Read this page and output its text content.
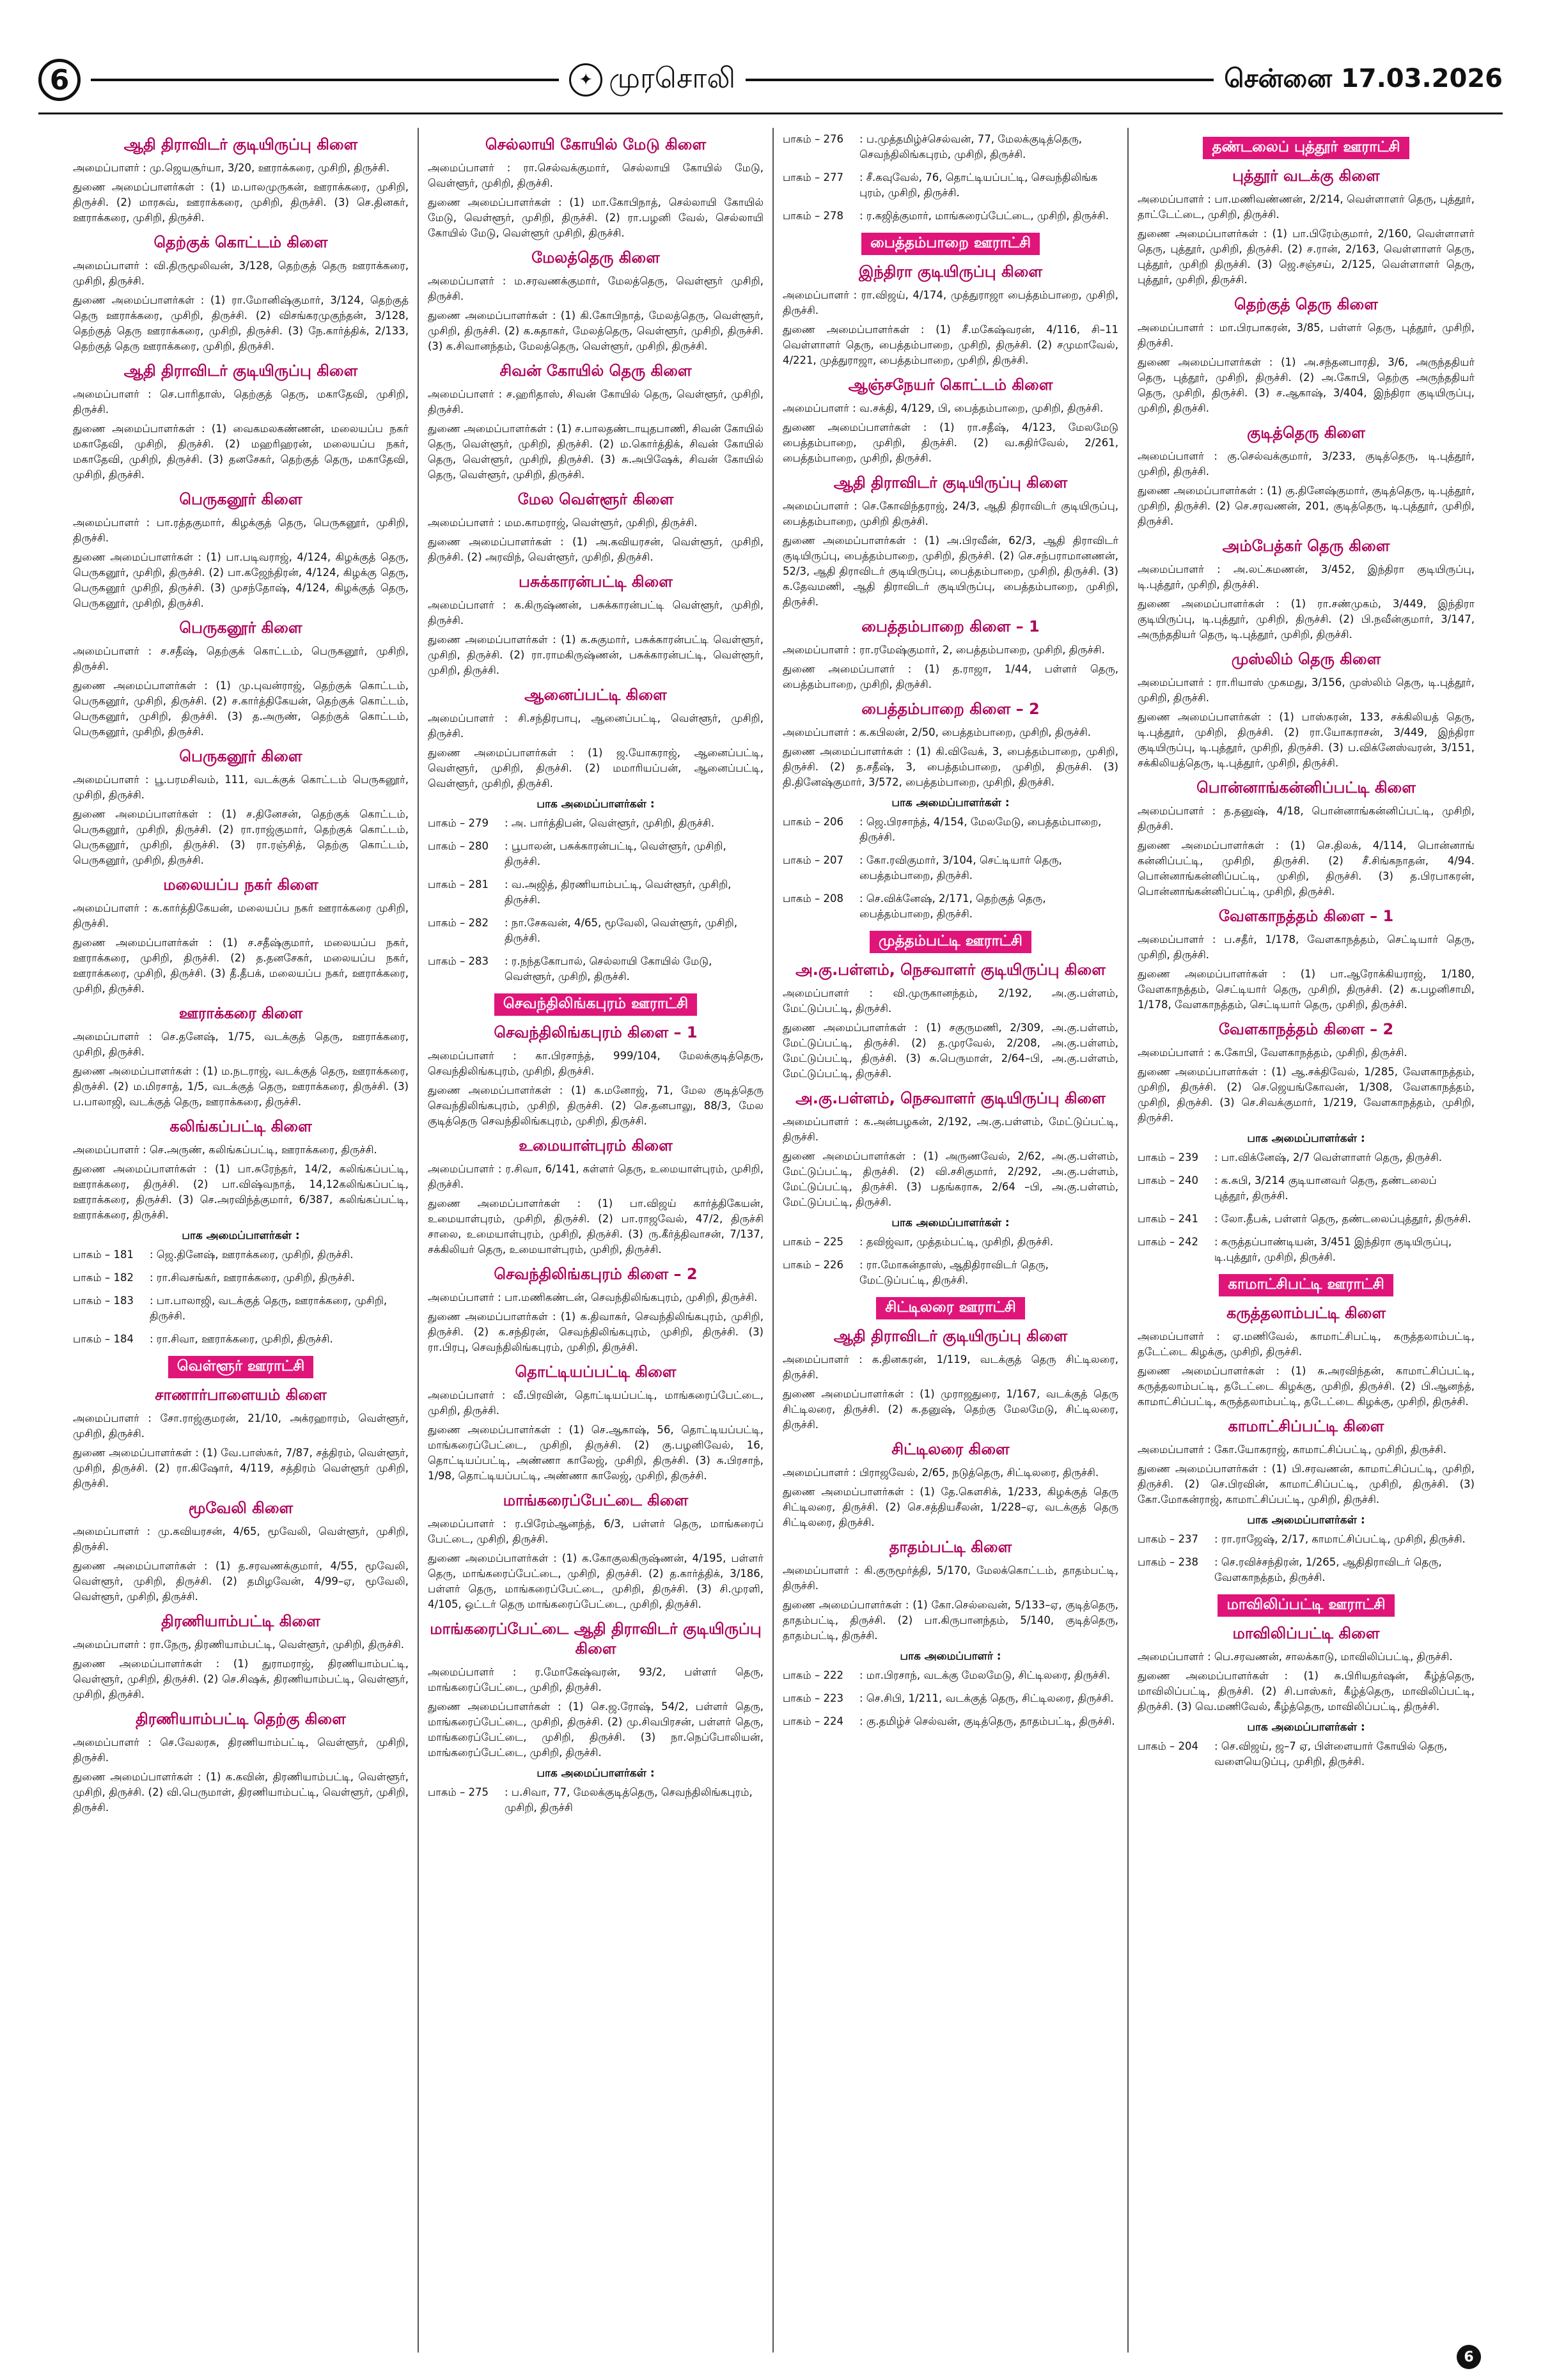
6	✦ முரசொலி	சென்னை 17.03.2026
ஆதி திராவிடர் குடியிருப்பு கிளை

அமைப்பாளர் : மு.ஜெயசூர்யா, 3/20, ஊராக்கரை, முசிறி, திருச்சி.

துணை அமைப்பாளர்கள் : (1) ம.பாலமுருகன், ஊராக்கரை, முசிறி, திருச்சி. (2) மாரசுவ், ஊராக்கரை, முசிறி, திருச்சி. (3) செ.தினகர், ஊராக்கரை, முசிறி, திருச்சி.

தெற்குக் கொட்டம் கிளை

அமைப்பாளர் : வி.திருமூலிவன், 3/128, தெற்குத் தெரு ஊராக்கரை, முசிறி, திருச்சி.

துணை அமைப்பாளர்கள் : (1) ரா.மோனிஷ்குமார், 3/124, தெற்குத் தெரு ஊராக்கரை, முசிறி, திருச்சி. (2) விசங்கரமுகுந்தன், 3/128, தெற்குத் தெரு ஊராக்கரை, முசிறி, திருச்சி. (3) நே.கார்த்திக், 2/133, தெற்குத் தெரு ஊராக்கரை, முசிறி, திருச்சி.

ஆதி திராவிடர் குடியிருப்பு கிளை

அமைப்பாளர் : செ.பாரிதாஸ், தெற்குத் தெரு, மகாதேவி, முசிறி, திருச்சி.

துணை அமைப்பாளர்கள் : (1) வைகமலகண்ணன், மலையப்ப நகர் மகாதேவி, முசிறி, திருச்சி. (2) மஹரிஹரன், மலையப்ப நகர், மகாதேவி, முசிறி, திருச்சி. (3) தனசேகர், தெற்குத் தெரு, மகாதேவி, முசிறி, திருச்சி.

பெருகனூர் கிளை

அமைப்பாளர் : பா.ரத்தகுமார், கிழக்குத் தெரு, பெருகனூர், முசிறி, திருச்சி.

துணை அமைப்பாளர்கள் : (1) பா.படிவராஜ், 4/124, கிழக்குத் தெரு, பெருகனூர், முசிறி, திருச்சி. (2) பா.கஜேந்திரன், 4/124, கிழக்கு தெரு, பெருகனூர் முசிறி, திருச்சி. (3) முசந்தோஷ், 4/124, கிழக்குத் தெரு, பெருகனூர், முசிறி, திருச்சி.

பெருகனூர் கிளை

அமைப்பாளர் : ச.சதீஷ், தெற்குக் கொட்டம், பெருகனூர், முசிறி, திருச்சி.

துணை அமைப்பாளர்கள் : (1) மு.புவன்ராஜ், தெற்குக் கொட்டம், பெருகனூர், முசிறி, திருச்சி. (2) ச.கார்த்திகேயன், தெற்குக் கொட்டம், பெருகனூர், முசிறி, திருச்சி. (3) த.அருண், தெற்குக் கொட்டம், பெருகனூர், முசிறி, திருச்சி.

பெருகனூர் கிளை

அமைப்பாளர் : பூ.பரமசிவம், 111, வடக்குக் கொட்டம் பெருகனூர், முசிறி, திருச்சி.

துணை அமைப்பாளர்கள் : (1) ச.தினேசன், தெற்குக் கொட்டம், பெருகனூர், முசிறி, திருச்சி. (2) ரா.ராஜ்குமார், தெற்குக் கொட்டம், பெருகனூர், முசிறி, திருச்சி. (3) ரா.ரஞ்சித், தெற்கு கொட்டம், பெருகனூர், முசிறி, திருச்சி.

மலையப்ப நகர் கிளை

அமைப்பாளர் : க.கார்த்திகேயன், மலையப்ப நகர் ஊராக்கரை முசிறி, திருச்சி.

துணை அமைப்பாளர்கள் : (1) ச.சதீஷ்குமார், மலையப்ப நகர், ஊராக்கரை, முசிறி, திருச்சி. (2) த.தனசேகர், மலையப்ப நகர், ஊராக்கரை, முசிறி, திருச்சி. (3) தீ.தீபக், மலையப்ப நகர், ஊராக்கரை, முசிறி, திருச்சி.

ஊராக்கரை கிளை

அமைப்பாளர் : செ.தனேஷ், 1/75, வடக்குத் தெரு, ஊராக்கரை, முசிறி, திருச்சி.

துணை அமைப்பாளர்கள் : (1) ம.நடராஜ், வடக்குத் தெரு, ஊராக்கரை, திருச்சி. (2) ம.மிரசாத், 1/5, வடக்குத் தெரு, ஊராக்கரை, திருச்சி. (3) ப.பாலாஜி, வடக்குத் தெரு, ஊராக்கரை, திருச்சி.

கலிங்கப்பட்டி கிளை

அமைப்பாளர் : செ.அருண், கலிங்கப்பட்டி, ஊராக்கரை, திருச்சி.

துணை அமைப்பாளர்கள் : (1) பா.சுரேந்தர், 14/2, கலிங்கப்பட்டி, ஊராக்கரை, திருச்சி. (2) பா.விஷ்வநாத், 14,12கலிங்கப்பட்டி, ஊராக்கரை, திருச்சி. (3) செ.அரவிந்த்குமார், 6/387, கலிங்கப்பட்டி, ஊராக்கரை, திருச்சி.

பாக அமைப்பாளர்கள் :
பாகம் – 181	: ஜெ.தினேஷ், ஊராக்கரை, முசிறி, திருச்சி.
பாகம் – 182	: ரா.சிவசங்கர், ஊராக்கரை, முசிறி, திருச்சி.
பாகம் – 183	: பா.பாலாஜி, வடக்குத் தெரு, ஊராக்கரை, முசிறி, திருச்சி.
பாகம் – 184	: ரா.சிவா, ஊராக்கரை, முசிறி, திருச்சி.
வெள்ளூர் ஊராட்சி
சாணார்பாளையம் கிளை

அமைப்பாளர் : சோ.ராஜ்குமரன், 21/10, அக்ரஹாரம், வெள்ளூர், முசிறி, திருச்சி.

துணை அமைப்பாளர்கள் : (1) வே.பாஸ்கர், 7/87, சத்திரம், வெள்ளூர், முசிறி, திருச்சி. (2) ரா.கிஷோர், 4/119, சத்திரம் வெள்ளூர் முசிறி, திருச்சி.

மூவேலி கிளை

அமைப்பாளர் : மு.கவியரசன், 4/65, மூவேலி, வெள்ளூர், முசிறி, திருச்சி.

துணை அமைப்பாளர்கள் : (1) த.சரவணக்குமார், 4/55, மூவேலி, வெள்ளூர், முசிறி, திருச்சி. (2) தமிழவேன், 4/99–ஏ, மூவேலி, வெள்ளூர், முசிறி, திருச்சி.

திரணியாம்பட்டி கிளை

அமைப்பாளர் : ரா.நேரு, திரணியாம்பட்டி, வெள்ளூர், முசிறி, திருச்சி.

துணை அமைப்பாளர்கள் : (1) துராமராஜ், திரணியாம்பட்டி, வெள்ளூர், முசிறி, திருச்சி. (2) செ.சிஷக், திரணியாம்பட்டி, வெள்ளூர், முசிறி, திருச்சி.

திரணியாம்பட்டி தெற்கு கிளை

அமைப்பாளர் : செ.வேலரசு, திரணியாம்பட்டி, வெள்ளூர், முசிறி, திருச்சி.

துணை அமைப்பாளர்கள் : (1) க.கவின், திரணியாம்பட்டி, வெள்ளூர், முசிறி, திருச்சி. (2) வி.பெருமாள், திரணியாம்பட்டி, வெள்ளூர், முசிறி, திருச்சி.

செல்லாயி கோயில் மேடு கிளை

அமைப்பாளர் : ரா.செல்வக்குமார், செல்லாயி கோயில் மேடு, வெள்ளூர், முசிறி, திருச்சி.

துணை அமைப்பாளர்கள் : (1) மா.கோபிநாத், செல்லாயி கோயில் மேடு, வெள்ளூர், முசிறி, திருச்சி. (2) ரா.பழனி வேல், செல்லாயி கோயில் மேடு, வெள்ளூர் முசிறி, திருச்சி.

மேலத்தெரு கிளை

அமைப்பாளர் : ம.சரவணக்குமார், மேலத்தெரு, வெள்ளூர் முசிறி, திருச்சி.

துணை அமைப்பாளர்கள் : (1) கி.கோபிநாத், மேலத்தெரு, வெள்ளூர், முசிறி, திருச்சி. (2) க.சுதாகர், மேலத்தெரு, வெள்ளூர், முசிறி, திருச்சி. (3) க.சிவானந்தம், மேலத்தெரு, வெள்ளூர், முசிறி, திருச்சி.

சிவன் கோயில் தெரு கிளை

அமைப்பாளர் : ச.ஹரிதாஸ், சிவன் கோயில் தெரு, வெள்ளூர், முசிறி, திருச்சி.

துணை அமைப்பாளர்கள் : (1) ச.பாலதண்டாயுதபாணி, சிவன் கோயில் தெரு, வெள்ளூர், முசிறி, திருச்சி. (2) ம.கொர்த்திக், சிவன் கோயில் தெரு, வெள்ளூர், முசிறி, திருச்சி. (3) சு.அபிஷேக், சிவன் கோயில் தெரு, வெள்ளூர், முசிறி, திருச்சி.

மேல வெள்ளூர் கிளை

அமைப்பாளர் : மம.காமராஜ், வெள்ளூர், முசிறி, திருச்சி.

துணை அமைப்பாளர்கள் : (1) அ.கவியரசன், வெள்ளூர், முசிறி, திருச்சி. (2) அரவிந், வெள்ளூர், முசிறி, திருச்சி.

பசுக்காரன்பட்டி கிளை

அமைப்பாளர் : க.கிருஷ்ணன், பசுக்காரன்பட்டி வெள்ளூர், முசிறி, திருச்சி.

துணை அமைப்பாளர்கள் : (1) க.சுகுமார், பசுக்காரன்பட்டி வெள்ளூர், முசிறி, திருச்சி. (2) ரா.ராமகிருஷ்ணன், பசுக்காரன்பட்டி, வெள்ளூர், முசிறி, திருச்சி.

ஆனைப்பட்டி கிளை

அமைப்பாளர் : சி.சந்திரபாபு, ஆனைப்பட்டி, வெள்ளூர், முசிறி, திருச்சி.

துணை அமைப்பாளர்கள் : (1) ஜ.யோகராஜ், ஆனைப்பட்டி, வெள்ளூர், முசிறி, திருச்சி. (2) மமாரியப்பன், ஆனைப்பட்டி, வெள்ளூர், முசிறி, திருச்சி.

பாக அமைப்பாளர்கள் :
பாகம் – 279	: அ. பார்த்திபன், வெள்ளூர், முசிறி, திருச்சி.
பாகம் – 280	: பூபாலன், பசுக்காரன்பட்டி, வெள்ளூர், முசிறி, திருச்சி.
பாகம் – 281	: வ.அஜித், திரணியாம்பட்டி, வெள்ளூர், முசிறி, திருச்சி.
பாகம் – 282	: நா.சேகவன், 4/65, மூவேலி, வெள்ளூர், முசிறி, திருச்சி.
பாகம் – 283	: ர.நந்தகோபால், செல்லாயி கோயில் மேடு, வெள்ளூர், முசிறி, திருச்சி.
செவந்திலிங்கபுரம் ஊராட்சி
செவந்திலிங்கபுரம் கிளை – 1

அமைப்பாளர் : கா.பிரசாந்த், 999/104, மேலக்குடித்தெரு, செவந்திலிங்கபுரம், முசிறி, திருச்சி.

துணை அமைப்பாளர்கள் : (1) க.மனோஜ், 71, மேல குடித்தெரு செவந்திலிங்கபுரம், முசிறி, திருச்சி. (2) செ.தனபாலு, 88/3, மேல குடித்தெரு செவந்திலிங்கபுரம், முசிறி, திருச்சி.

உமையாள்புரம் கிளை

அமைப்பாளர் : ர.சிவா, 6/141, கள்ளர் தெரு, உமையாள்புரம், முசிறி, திருச்சி.

துணை அமைப்பாளர்கள் : (1) பா.விஜய் கார்த்திகேயன், உமையாள்புரம், முசிறி, திருச்சி. (2) பா.ராஜவேல், 47/2, திருச்சி சாலை, உமையாள்புரம், முசிறி, திருச்சி. (3) ரு.கீர்த்திவாசன், 7/137, சக்கிலியர் தெரு, உமையாள்புரம், முசிறி, திருச்சி.

செவந்திலிங்கபுரம் கிளை – 2

அமைப்பாளர் : பா.மணிகண்டன், செவந்திலிங்கபுரம், முசிறி, திருச்சி.

துணை அமைப்பாளர்கள் : (1) க.திவாகர், செவந்திலிங்கபுரம், முசிறி, திருச்சி. (2) க.சந்திரன், செவந்திலிங்கபுரம், முசிறி, திருச்சி. (3) ரா.பிரபு, செவந்திலிங்கபுரம், முசிறி, திருச்சி.

தொட்டியப்பட்டி கிளை

அமைப்பாளர் : வீ.பிரவின், தொட்டியப்பட்டி, மாங்கரைப்பேட்டை, முசிறி, திருச்சி.

துணை அமைப்பாளர்கள் : (1) செ.ஆகாஷ், 56, தொட்டியப்பட்டி, மாங்கரைப்பேட்டை, முசிறி, திருச்சி. (2) கு.பழனிவேல், 16, தொட்டியப்பட்டி, அண்ணா காலேஜ், முசிறி, திருச்சி. (3) சு.பிரசாந், 1/98, தொட்டியப்பட்டி, அண்ணா காலேஜ், முசிறி, திருச்சி.

மாங்கரைப்பேட்டை கிளை

அமைப்பாளர் : ர.பிரேம்ஆனந்த், 6/3, பள்ளர் தெரு, மாங்கரைப் பேட்டை, முசிறி, திருச்சி.

துணை அமைப்பாளர்கள் : (1) க.கோகுலகிருஷ்ணன், 4/195, பள்ளர் தெரு, மாங்கரைப்பேட்டை, முசிறி, திருச்சி. (2) த.கார்த்திக், 3/186, பள்ளர் தெரு, மாங்கரைப்பேட்டை, முசிறி, திருச்சி. (3) சி.முரளி, 4/105, ஒட்டர் தெரு மாங்கரைப்பேட்டை, முசிறி, திருச்சி.

மாங்கரைப்பேட்டை ஆதி திராவிடர் குடியிருப்பு கிளை

அமைப்பாளர் : ர.மோகேஷ்வரன், 93/2, பள்ளர் தெரு, மாங்கரைப்பேட்டை, முசிறி, திருச்சி.

துணை அமைப்பாளர்கள் : (1) செ.ஜ.ரோஷ், 54/2, பள்ளர் தெரு, மாங்கரைப்பேட்டை, முசிறி, திருச்சி. (2) மு.சிவபிரசன், பள்ளர் தெரு, மாங்கரைப்பேட்டை, முசிறி, திருச்சி. (3) நா.நெப்போலியன், மாங்கரைப்பேட்டை, முசிறி, திருச்சி.

பாக அமைப்பாளர்கள் :
பாகம் – 275	: ப.சிவா, 77, மேலக்குடித்தெரு, செவந்திலிங்கபுரம், முசிறி, திருச்சி
பாகம் – 276	: ப.முத்தமிழ்ச்செல்வன், 77, மேலக்குடித்தெரு, செவந்திலிங்கபுரம், முசிறி, திருச்சி.
பாகம் – 277	: சீ.கவுவேல், 76, தொட்டியப்பட்டி, செவந்திலிங்க புரம், முசிறி, திருச்சி.
பாகம் – 278	: ர.கஜித்குமார், மாங்கரைப்பேட்டை, முசிறி, திருச்சி.
பைத்தம்பாறை ஊராட்சி
இந்திரா குடியிருப்பு கிளை

அமைப்பாளர் : ரா.விஜய், 4/174, முத்துராஜா பைத்தம்பாறை, முசிறி, திருச்சி.

துணை அமைப்பாளர்கள் : (1) சீ.மகேஷ்வரன், 4/116, சி–11 வெள்ளாளர் தெரு, பைத்தம்பாறை, முசிறி, திருச்சி. (2) சமுமாவேல், 4/221, முத்துராஜா, பைத்தம்பாறை, முசிறி, திருச்சி.

ஆஞ்சநேயர் கொட்டம் கிளை

அமைப்பாளர் : வ.சக்தி, 4/129, பி, பைத்தம்பாறை, முசிறி, திருச்சி.

துணை அமைப்பாளர்கள் : (1) ரா.சதீஷ், 4/123, மேலமேடு பைத்தம்பாறை, முசிறி, திருச்சி. (2) வ.கதிர்வேல், 2/261, பைத்தம்பாறை, முசிறி, திருச்சி.

ஆதி திராவிடர் குடியிருப்பு கிளை

அமைப்பாளர் : செ.கோவிந்தராஜ், 24/3, ஆதி திராவிடர் குடியிருப்பு, பைத்தம்பாறை, முசிறி திருச்சி.

துணை அமைப்பாளர்கள் : (1) அ.பிரவீன், 62/3, ஆதி திராவிடர் குடியிருப்பு, பைத்தம்பாறை, முசிறி, திருச்சி. (2) செ.சந்பராமானணன், 52/3, ஆதி திராவிடர் குடியிருப்பு, பைத்தம்பாறை, முசிறி, திருச்சி. (3) க.தேவமணி, ஆதி திராவிடர் குடியிருப்பு, பைத்தம்பாறை, முசிறி, திருச்சி.

பைத்தம்பாறை கிளை – 1

அமைப்பாளர் : ரா.ரமேஷ்குமார், 2, பைத்தம்பாறை, முசிறி, திருச்சி.

துணை அமைப்பாளர் : (1) த.ராஜா, 1/44, பள்ளர் தெரு, பைத்தம்பாறை, முசிறி, திருச்சி.

பைத்தம்பாறை கிளை – 2

அமைப்பாளர் : க.கபிலன், 2/50, பைத்தம்பாறை, முசிறி, திருச்சி.

துணை அமைப்பாளர்கள் : (1) கி.விவேக், 3, பைத்தம்பாறை, முசிறி, திருச்சி. (2) த.சதீஷ், 3, பைத்தம்பாறை, முசிறி, திருச்சி. (3) தி.தினேஷ்குமார், 3/572, பைத்தம்பாறை, முசிறி, திருச்சி.

பாக அமைப்பாளர்கள் :
பாகம் – 206	: ஜெ.பிரசாந்த், 4/154, மேலமேடு, பைத்தம்பாறை, திருச்சி.
பாகம் – 207	: கோ.ரவிகுமார், 3/104, செட்டியார் தெரு, பைத்தம்பாறை, திருச்சி.
பாகம் – 208	: செ.விக்னேஷ், 2/171, தெற்குத் தெரு, பைத்தம்பாறை, திருச்சி.
முத்தம்பட்டி ஊராட்சி
அ.கு.பள்ளம், நெசவாளர் குடியிருப்பு கிளை

அமைப்பாளர் : வி.முருகானந்தம், 2/192, அ.கு.பள்ளம், மேட்டுப்பட்டி, திருச்சி.

துணை அமைப்பாளர்கள் : (1) சகுருமணி, 2/309, அ.கு.பள்ளம், மேட்டுப்பட்டி, திருச்சி. (2) த.முரவேல், 2/208, அ.கு.பள்ளம், மேட்டுப்பட்டி, திருச்சி. (3) சு.பெருமாள், 2/64–பி, அ.கு.பள்ளம், மேட்டுப்பட்டி, திருச்சி.

அ.கு.பள்ளம், நெசவாளர் குடியிருப்பு கிளை

அமைப்பாளர் : க.அன்பழகன், 2/192, அ.கு.பள்ளம், மேட்டுப்பட்டி, திருச்சி.

துணை அமைப்பாளர்கள் : (1) அருணவேல், 2/62, அ.கு.பள்ளம், மேட்டுப்பட்டி, திருச்சி. (2) வி.சசிகுமார், 2/292, அ.கு.பள்ளம், மேட்டுப்பட்டி, திருச்சி. (3) பதங்கராசு, 2/64 –பி, அ.கு.பள்ளம், மேட்டுப்பட்டி, திருச்சி.

பாக அமைப்பாளர்கள் :
பாகம் – 225	: தவிஜ்வா, முத்தம்பட்டி, முசிறி, திருச்சி.
பாகம் – 226	: ரா.மோகன்தாஸ், ஆதிதிராவிடர் தெரு, மேட்டுப்பட்டி, திருச்சி.
சிட்டிலரை ஊராட்சி
ஆதி திராவிடர் குடியிருப்பு கிளை

அமைப்பாளர் : க.தினகரன், 1/119, வடக்குத் தெரு சிட்டிலரை, திருச்சி.

துணை அமைப்பாளர்கள் : (1) முராஜதுரை, 1/167, வடக்குத் தெரு சிட்டிலரை, திருச்சி. (2) க.தனுஷ், தெற்கு மேலமேடு, சிட்டிலரை, திருச்சி.

சிட்டிலரை கிளை

அமைப்பாளர் : பிராஜவேல், 2/65, நடுத்தெரு, சிட்டிலரை, திருச்சி.

துணை அமைப்பாளர்கள் : (1) தே.கௌசிக், 1/233, கிழக்குத் தெரு சிட்டிலரை, திருச்சி. (2) செ.சத்தியசீலன், 1/228–ஏ, வடக்குத் தெரு சிட்டிலரை, திருச்சி.

தாதம்பட்டி கிளை

அமைப்பாளர் : கி.குருமூர்த்தி, 5/170, மேலக்கொட்டம், தாதம்பட்டி, திருச்சி.

துணை அமைப்பாளர்கள் : (1) கோ.செல்வைன், 5/133–ஏ, குடித்தெரு, தாதம்பட்டி, திருச்சி. (2) பா.கிருபானந்தம், 5/140, குடித்தெரு, தாதம்பட்டி, திருச்சி.

பாக அமைப்பாளர் :
பாகம் – 222	: மா.பிரசாந், வடக்கு மேலமேடு, சிட்டிலரை, திருச்சி.
பாகம் – 223	: செ.சிபி, 1/211, வடக்குத் தெரு, சிட்டிலரை, திருச்சி.
பாகம் – 224	: கு.தமிழ்ச் செல்வன், குடித்தெரு, தாதம்பட்டி, திருச்சி.
தண்டலைப் புத்தூர் ஊராட்சி
புத்தூர் வடக்கு கிளை

அமைப்பாளர் : பா.மணிவண்ணன், 2/214, வெள்ளாளர் தெரு, புத்தூர், தாட்டேட்டை, முசிறி, திருச்சி.

துணை அமைப்பாளர்கள் : (1) பா.பிரேம்குமார், 2/160, வெள்ளாளர் தெரு, புத்தூர், முசிறி, திருச்சி. (2) ச.ரான், 2/163, வெள்ளாளர் தெரு, புத்தூர், முசிறி திருச்சி. (3) ஜெ.சஞ்சய், 2/125, வெள்ளாளர் தெரு, புத்தூர், முசிறி, திருச்சி.

தெற்குத் தெரு கிளை

அமைப்பாளர் : மா.பிரபாகரன், 3/85, பள்ளர் தெரு, புத்தூர், முசிறி, திருச்சி.

துணை அமைப்பாளர்கள் : (1) அ.சந்தனபாரதி, 3/6, அருந்ததியர் தெரு, புத்தூர், முசிறி, திருச்சி. (2) அ.கோபி, தெற்கு அருந்ததியர் தெரு, முசிறி, திருச்சி. (3) ச.ஆகாஷ், 3/404, இந்திரா குடியிருப்பு, முசிறி, திருச்சி.

குடித்தெரு கிளை

அமைப்பாளர் : கு.செல்வக்குமார், 3/233, குடித்தெரு, டி.புத்தூர், முசிறி, திருச்சி.

துணை அமைப்பாளர்கள் : (1) கு.தினேஷ்குமார், குடித்தெரு, டி.புத்தூர், முசிறி, திருச்சி. (2) செ.சரவணன், 201, குடித்தெரு, டி.புத்தூர், முசிறி, திருச்சி.

அம்பேத்கர் தெரு கிளை

அமைப்பாளர் : அ.லட்சுமணன், 3/452, இந்திரா குடியிருப்பு, டி.புத்தூர், முசிறி, திருச்சி.

துணை அமைப்பாளர்கள் : (1) ரா.சண்முகம், 3/449, இந்திரா குடியிருப்பு, டி.புத்தூர், முசிறி, திருச்சி. (2) பி.நவீன்குமார், 3/147, அருந்ததியர் தெரு, டி.புத்தூர், முசிறி, திருச்சி.

முஸ்லிம் தெரு கிளை

அமைப்பாளர் : ரா.ரியாஸ் முகமது, 3/156, முஸ்லிம் தெரு, டி.புத்தூர், முசிறி, திருச்சி.

துணை அமைப்பாளர்கள் : (1) பாஸ்கரன், 133, சக்கிலியத் தெரு, டி.புத்தூர், முசிறி, திருச்சி. (2) ரா.யோகராசன், 3/449, இந்திரா குடியிருப்பு, டி.புத்தூர், முசிறி, திருச்சி. (3) ப.விக்னேஸ்வரன், 3/151, சக்கிலியத்தெரு, டி.புத்தூர், முசிறி, திருச்சி.

பொன்னாங்கன்னிப்பட்டி கிளை

அமைப்பாளர் : த.தனுஷ், 4/18, பொன்னாங்கன்னிப்பட்டி, முசிறி, திருச்சி.

துணை அமைப்பாளர்கள் : (1) செ.திலக், 4/114, பொன்னாங் கன்னிப்பட்டி, முசிறி, திருச்சி. (2) சீ.சிங்கநாதன், 4/94. பொன்னாங்கன்னிப்பட்டி, முசிறி, திருச்சி. (3) த.பிரபாகரன், பொன்னாங்கன்னிப்பட்டி, முசிறி, திருச்சி.

வேளகாநத்தம் கிளை – 1

அமைப்பாளர் : ப.சதீர், 1/178, வேளகாநத்தம், செட்டியார் தெரு, முசிறி, திருச்சி.

துணை அமைப்பாளர்கள் : (1) பா.ஆரோக்கியராஜ், 1/180, வேளகாநத்தம், செட்டியார் தெரு, முசிறி, திருச்சி. (2) க.பழனிசாமி, 1/178, வேளகாநத்தம், செட்டியார் தெரு, முசிறி, திருச்சி.

வேளகாநத்தம் கிளை – 2

அமைப்பாளர் : க.கோபி, வேளகாநத்தம், முசிறி, திருச்சி.

துணை அமைப்பாளர்கள் : (1) ஆ.சக்திவேல், 1/285, வேளகாநத்தம், முசிறி, திருச்சி. (2) செ.ஜெயங்கோவன், 1/308, வேளகாநத்தம், முசிறி, திருச்சி. (3) செ.சிவக்குமார், 1/219, வேளகாநத்தம், முசிறி, திருச்சி.

பாக அமைப்பாளர்கள் :
பாகம் – 239	: பா.விக்னேஷ், 2/7 வெள்ளாளர் தெரு, திருச்சி.
பாகம் – 240	: க.சுபி, 3/214 குடியானவர் தெரு, தண்டலைப் புத்தூர், திருச்சி.
பாகம் – 241	: லோ.தீபக், பள்ளர் தெரு, தண்டலைப்புத்தூர், திருச்சி.
பாகம் – 242	: கருத்தப்பாண்டியன், 3/451 இந்திரா குடியிருப்பு, டி.புத்தூர், முசிறி, திருச்சி.
காமாட்சிபட்டி ஊராட்சி
கருத்தலாம்பட்டி கிளை

அமைப்பாளர் : ஏ.மணிவேல், காமாட்சிபட்டி, கருத்தலாம்பட்டி, தடேட்டை கிழக்கு, முசிறி, திருச்சி.

துணை அமைப்பாளர்கள் : (1) சு.அரவிந்தன், காமாட்சிப்பட்டி, கருத்தலாம்பட்டி, தடேட்டை கிழக்கு, முசிறி, திருச்சி. (2) பி.ஆனந்த், காமாட்சிப்பட்டி, கருத்தலாம்பட்டி, தடேட்டை கிழக்கு, முசிறி, திருச்சி.

காமாட்சிப்பட்டி கிளை

அமைப்பாளர் : கோ.யோகராஜ், காமாட்சிப்பட்டி, முசிறி, திருச்சி.

துணை அமைப்பாளர்கள் : (1) பி.சரவணன், காமாட்சிப்பட்டி, முசிறி, திருச்சி. (2) செ.பிரவின், காமாட்சிப்பட்டி, முசிறி, திருச்சி. (3) கோ.மோகன்ராஜ், காமாட்சிப்பட்டி, முசிறி, திருச்சி.

பாக அமைப்பாளர்கள் :
பாகம் – 237	: ரா.ராஜேஷ், 2/17, காமாட்சிப்பட்டி, முசிறி, திருச்சி.
பாகம் – 238	: செ.ரவிச்சந்திரன், 1/265, ஆதிதிராவிடர் தெரு, வேளகாநத்தம், திருச்சி.
மாவிலிப்பட்டி ஊராட்சி
மாவிலிப்பட்டி கிளை

அமைப்பாளர் : பெ.சரவணன், சாலக்காடு, மாவிலிப்பட்டி, திருச்சி.

துணை அமைப்பாளர்கள் : (1) சு.பிரியதர்ஷன், கீழ்த்தெரு, மாவிலிப்பட்டி, திருச்சி. (2) சி.பாஸ்கர், கீழ்த்தெரு, மாவிலிப்பட்டி, திருச்சி. (3) வெ.மணிவேல், கீழ்த்தெரு, மாவிலிப்பட்டி, திருச்சி.

பாக அமைப்பாளர்கள் :
பாகம் – 204	: செ.விஜய், ஜ–7 ஏ, பிள்ளையார் கோயில் தெரு, வளையெடுப்பு, முசிறி, திருச்சி.
6
